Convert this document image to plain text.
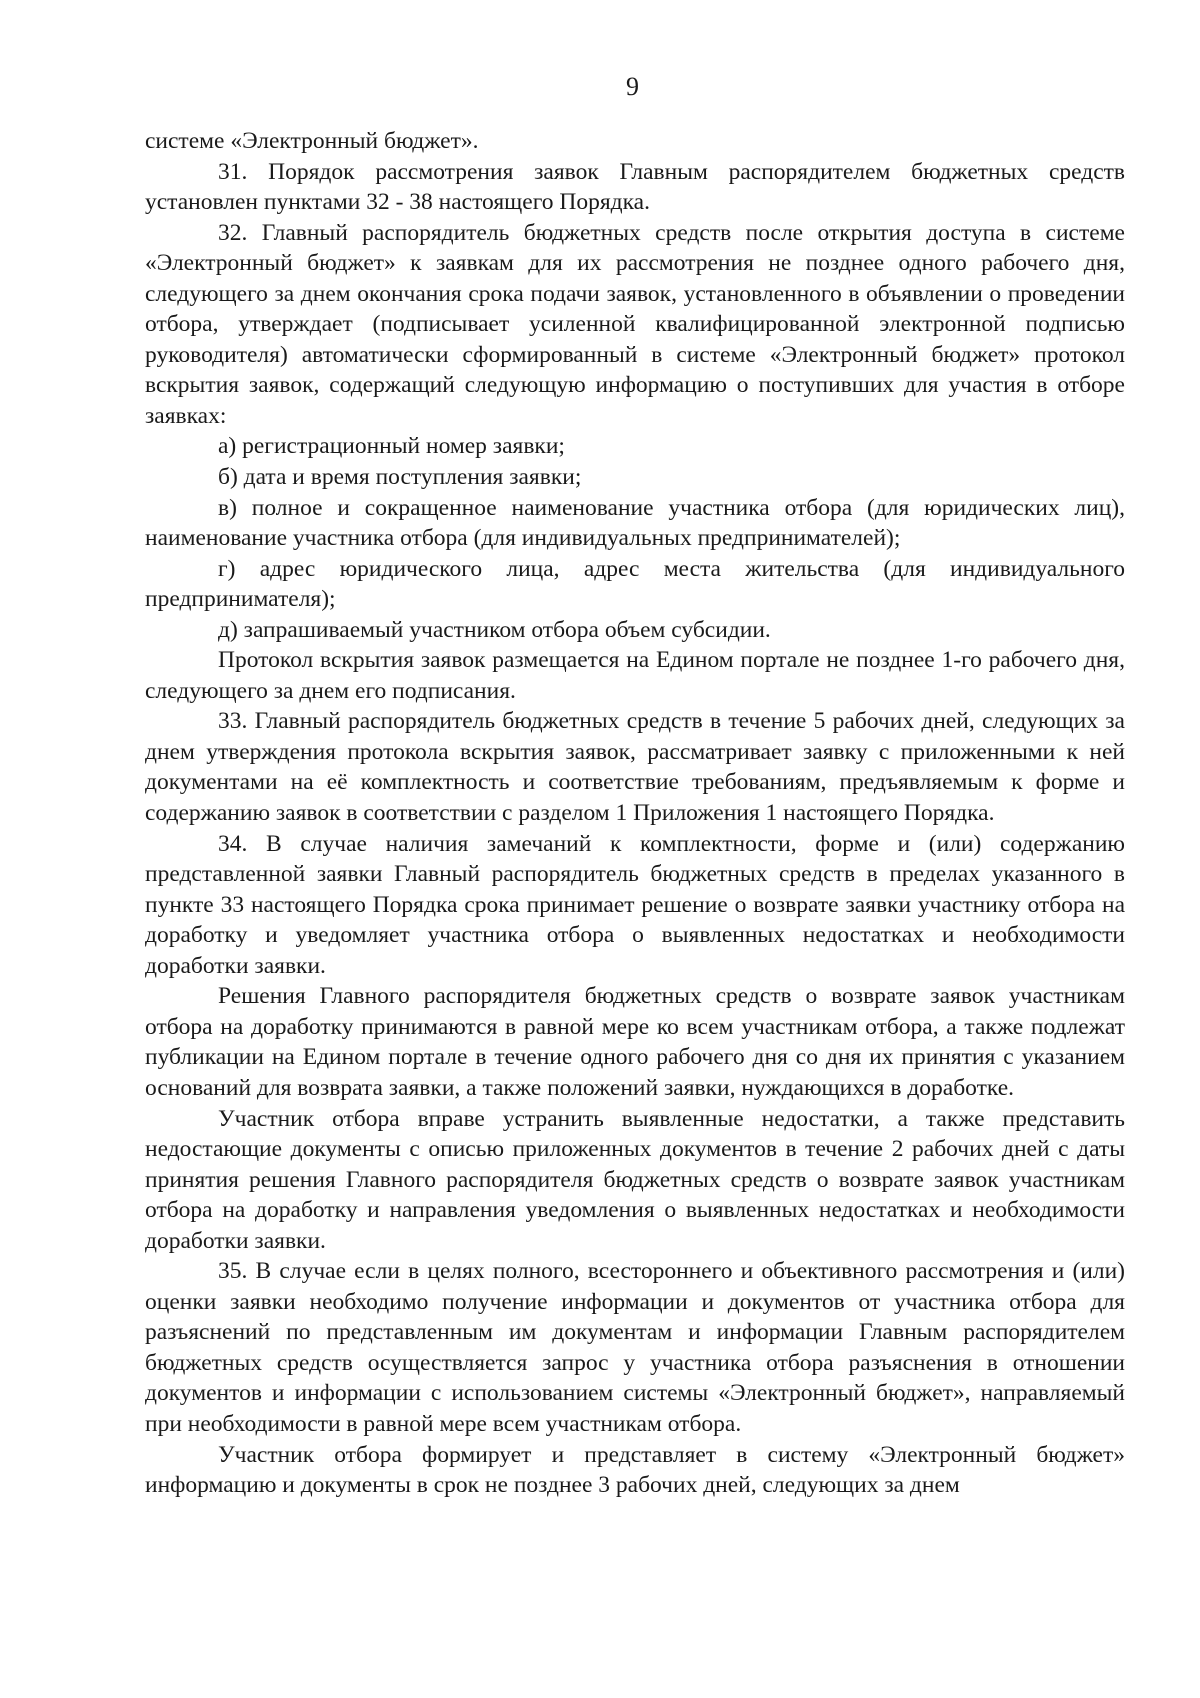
9

системе «Электронный бюджет».

31. Порядок рассмотрения заявок Главным распорядителем бюджетных средств установлен пунктами 32 - 38 настоящего Порядка.

32. Главный распорядитель бюджетных средств после открытия доступа в системе «Электронный бюджет» к заявкам для их рассмотрения не позднее одного рабочего дня, следующего за днем окончания срока подачи заявок, установленного в объявлении о проведении отбора, утверждает (подписывает усиленной квалифицированной электронной подписью руководителя) автоматически сформированный в системе «Электронный бюджет» протокол вскрытия заявок, содержащий следующую информацию о поступивших для участия в отборе заявках:

а) регистрационный номер заявки;

б) дата и время поступления заявки;

в) полное и сокращенное наименование участника отбора (для юридических лиц), наименование участника отбора (для индивидуальных предпринимателей);

г) адрес юридического лица, адрес места жительства (для индивидуального предпринимателя);

д) запрашиваемый участником отбора объем субсидии.

Протокол вскрытия заявок размещается на Едином портале не позднее 1-го рабочего дня, следующего за днем его подписания.

33. Главный распорядитель бюджетных средств в течение 5 рабочих дней, следующих за днем утверждения протокола вскрытия заявок, рассматривает заявку с приложенными к ней документами на её комплектность и соответствие требованиям, предъявляемым к форме и содержанию заявок в соответствии с разделом 1 Приложения 1 настоящего Порядка.

34. В случае наличия замечаний к комплектности, форме и (или) содержанию представленной заявки Главный распорядитель бюджетных средств в пределах указанного в пункте 33 настоящего Порядка срока принимает решение о возврате заявки участнику отбора на доработку и уведомляет участника отбора о выявленных недостатках и необходимости доработки заявки.

Решения Главного распорядителя бюджетных средств о возврате заявок участникам отбора на доработку принимаются в равной мере ко всем участникам отбора, а также подлежат публикации на Едином портале в течение одного рабочего дня со дня их принятия с указанием оснований для возврата заявки, а также положений заявки, нуждающихся в доработке.

Участник отбора вправе устранить выявленные недостатки, а также представить недостающие документы с описью приложенных документов в течение 2 рабочих дней с даты принятия решения Главного распорядителя бюджетных средств о возврате заявок участникам отбора на доработку и направления уведомления о выявленных недостатках и необходимости доработки заявки.

35. В случае если в целях полного, всестороннего и объективного рассмотрения и (или) оценки заявки необходимо получение информации и документов от участника отбора для разъяснений по представленным им документам и информации Главным распорядителем бюджетных средств осуществляется запрос у участника отбора разъяснения в отношении документов и информации с использованием системы «Электронный бюджет», направляемый при необходимости в равной мере всем участникам отбора.

Участник отбора формирует и представляет в систему «Электронный бюджет» информацию и документы в срок не позднее 3 рабочих дней, следующих за днем
